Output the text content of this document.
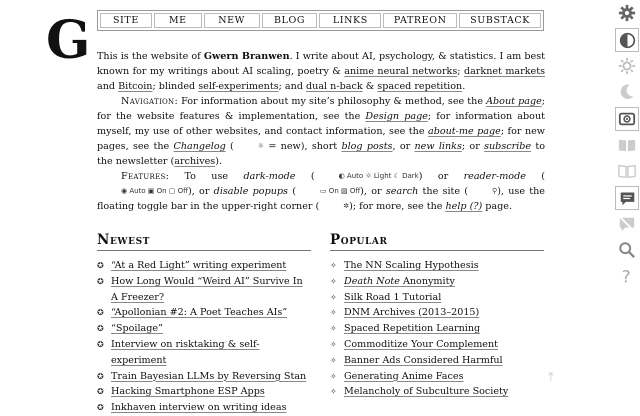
G	SITE	ME	NEW	BLOG	LINKS	PATREON	SUBSTACK

This is the website of Gwern Branwen. I write about AI, psychology, & statistics. I am best known for my writings about AI scaling, poetry & anime neural networks; darknet markets and Bitcoin; blinded self-experiments; and dual n-back & spaced repetition.

Navigation: For information about my site’s philosophy & method, see the About page; for the website features & implementation, see the Design page; for information about myself, my use of other websites, and contact information, see the about-me page; for new pages, see the Changelog (	☼ = new), short blog posts, or new links; or subscribe to the newsletter (archives).

Features: To use dark-mode (	◐ Auto ☼ Light ☾ Dark) or reader-mode (◉ Auto ▣ On ▢ Off), or disable popups (	▭ On ▨ Off), or search the site (	⚲), use the floating toggle bar in the upper-right corner (	✲); for more, see the help (?) page.

Newest
✪ “At a Red Light” writing experiment
✪ How Long Would “Weird AI” Survive In A Freezer?
✪ “Apollonian #2: A Poet Teaches AIs”
✪ “Spoilage”
✪ Interview on risktaking & self-experiment
✪ Train Bayesian LLMs by Reversing Stan
✪ Hacking Smartphone ESP Apps
✪ Inkhaven interview on writing ideas
Popular
✧ The NN Scaling Hypothesis
✧ Death Note Anonymity
✧ Silk Road 1 Tutorial
✧ DNM Archives (2013–2015)
✧ Spaced Repetition Learning
✧ Commoditize Your Complement
✧ Banner Ads Considered Harmful
✧ Generating Anime Faces
✧ Melancholy of Subculture Society
⤒
?
